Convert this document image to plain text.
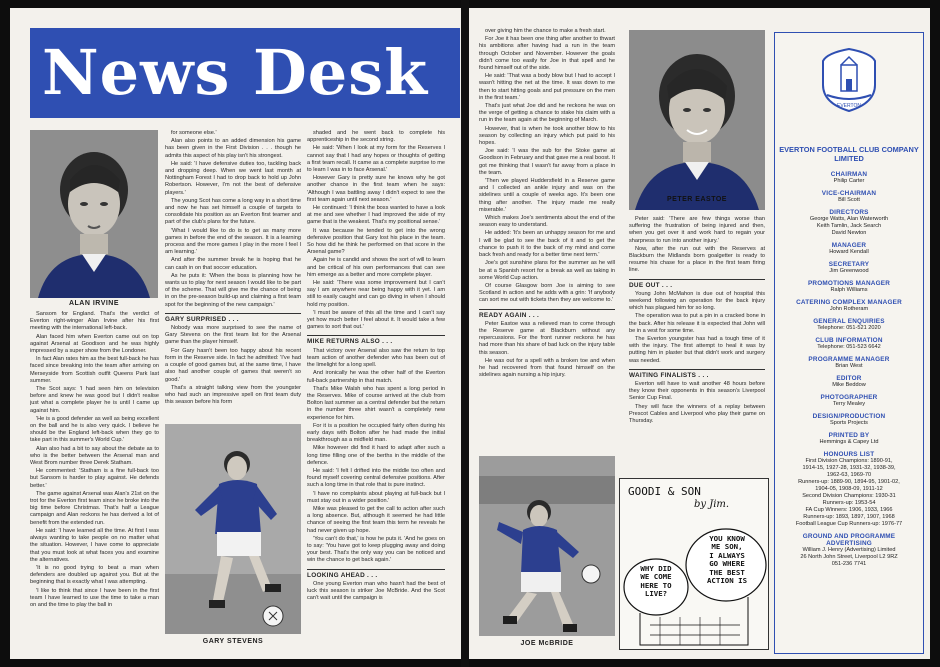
News Desk
ALAN IRVINE

Sansom for England. That's the verdict of Everton right-winger Alan Irvine after his first meeting with the international left-back.

Alan faced him when Everton came out on top against Arsenal at Goodison and he was highly impressed by a super show from the Londoner.

In fact Alan rates him as the best full-back he has faced since breaking into the team after arriving on Merseyside from Scottish outfit Queens Park last summer.

The Scot says: 'I had seen him on television before and knew he was good but I didn't realise just what a complete player he is until I came up against him.

'He is a good defender as well as being excellent on the ball and he is also very quick. I believe he should be the England left-back when they go to take part in this summer's World Cup.'

Alan also had a bit to say about the debate as to who is the better between the Arsenal man and West Brom number three Derek Statham.

He commented: 'Statham is a fine full-back too but Sansom is harder to play against. He defends better.'

The game against Arsenal was Alan's 21st on the trot for the Everton first team since he broke into the big time before Christmas. That's half a League campaign and Alan reckons he has derived a lot of benefit from the extended run.

He said: 'I have learned all the time. At first I was always wanting to take people on no matter what the situation. However, I have come to appreciate that you must look at what faces you and examine the alternatives.

'It is no good trying to beat a man when defenders are doubled up against you. But at the beginning that is exactly what I was attempting.

'I like to think that since I have been in the first team I have learned to use the time to take a man on and the time to play the ball in

for someone else.'

Alan also points to an added dimension his game has been given in the First Division . . . though he admits this aspect of his play isn't his strongest.

He said: 'I have defensive duties too, tackling back and dropping deep. When we went last month at Nottingham Forest I had to drop back to hold up John Robertson. However, I'm not the best of defensive players.'

The young Scot has come a long way in a short time and now he has set himself a couple of targets to consolidate his position as an Everton first teamer and part of the club's plans for the future.

'What I would like to do is to get as many more games in before the end of the season. It is a learning process and the more games I play in the more I feel I am learning.'

And after the summer break he is hoping that he can cash in on that soccer education.

As he puts it: 'When the boss is planning how he wants us to play for next season I would like to be part of the scheme. That will give me the chance of being in on the pre-season build-up and claiming a first team spot for the beginning of the new campaign.'

GARY SURPRISED . . .

Nobody was more surprised to see the name of Gary Stevens on the first team list for the Arsenal game than the player himself.

For Gary hasn't been too happy about his recent form in the Reserve side. In fact he admitted: 'I've had a couple of good games but, at the same time, I have also had another couple of games that weren't so good.'

That's a straight talking view from the youngster who had such an impressive spell on first team duty this season before his form

GARY STEVENS

shaded and he went back to complete his apprenticeship in the second string.

He said: 'When I look at my form for the Reserves I cannot say that I had any hopes or thoughts of getting a first team recall. It came as a complete surprise to me to learn I was in to face Arsenal.'

However Gary is pretty sure he knows why he got another chance in the first team when he says: 'Although I was battling away I didn't expect to see the first team again until next season.'

He continued: 'I think the boss wanted to have a look at me and see whether I had improved the side of my game that is the weakest. That's my positional sense.'

It was because he tended to get into the wrong defensive position that Gary lost his place in the team. So how did he think he performed on that score in the Arsenal game?

Again he is candid and shows the sort of will to learn and be critical of his own performances that can see him emerge as a better and more complete player.

He said: 'There was some improvement but I can't say I am anywhere near being happy with it yet. I am still to easily caught and can go diving in when I should hold my position.

'I must be aware of this all the time and I can't say yet how much better I feel about it. It would take a few games to sort that out.'

MIKE RETURNS ALSO . . .

That victory over Arsenal also saw the return to top team action of another defender who has been out of the limelight for a long spell.

And ironically he was the other half of the Everton full-back partnership in that match.

That's Mike Walsh who has spent a long period in the Reserves. Mike of course arrived at the club from Bolton last summer as a central defender but the return in the number three shirt wasn't a completely new experience for him.

For it is a position he occupied fairly often during his early days with Bolton after he had made the initial breakthrough as a midfield man.

Mike however did find it hard to adapt after such a long time filling one of the berths in the middle of the defence.

He said: 'I felt I drifted into the middle too often and found myself covering central defensive positions. After such a long time in that role that is pure instinct.

'I have no complaints about playing at full-back but I must stay out in a wider position.'

Mike was pleased to get the call to action after such a long absence. But, although it seemed he had little chance of seeing the first team this term he reveals he had never given up hope.

'You can't do that,' is how he puts it. 'And he goes on to say: 'You have got to keep plugging away and doing your best. That's the only way you can be noticed and win the chance to get back again.'

LOOKING AHEAD . . .

One young Everton man who hasn't had the best of luck this season is striker Joe McBride. And the Scot can't wait until the campaign is

over giving him the chance to make a fresh start.

For Joe it has been one thing after another to thwart his ambitions after having had a run in the team through October and November. However the goals didn't come too easily for Joe in that spell and he found himself out of the side.

He said: 'That was a body blow but I had to accept I wasn't hitting the net at the time. It was down to me then to start hitting goals and put pressure on the men in the first team.'

That's just what Joe did and he reckons he was on the verge of getting a chance to stake his claim with a run in the team again at the beginning of March.

However, that is when he took another blow to his season by collecting an injury which put paid to his hopes.

Joe said: 'I was the sub for the Stoke game at Goodison in February and that gave me a real boost. It got me thinking that I wasn't far away from a place in the team.

'Then we played Huddersfield in a Reserve game and I collected an ankle injury and was on the sidelines until a couple of weeks ago. It's been one thing after another. The injury made me really miserable.'

Which makes Joe's sentiments about the end of the season easy to understand.

He added: 'It's been an unhappy season for me and I will be glad to see the back of it and to get the chance to push it to the back of my mind and come back fresh and ready for a better time next term.'

Joe's got sunshine plans for the summer as he will be at a Spanish resort for a break as well as taking in some World Cup action.

Of course Glasgow born Joe is aiming to see Scotland in action and he adds with a grin: 'If anybody can sort me out with tickets then they are welcome to.'

READY AGAIN . . .

Peter Eastoe was a relieved man to come through the Reserve game at Blackburn without any repercussions. For the front runner reckons he has had more than his share of bad luck on the injury table this season.

He was out for a spell with a broken toe and when he had recovered from that found himself on the sidelines again nursing a hip injury.

JOE McBRIDE
PETER EASTOE

Peter said: 'There are few things worse than suffering the frustration of being injured and then, when you get over it and work hard to regain your sharpness to run into another injury.'

Now, after the run out with the Reserves at Blackburn the Midlands born goalgetter is ready to resume his chase for a place in the first team firing line.

DUE OUT . . .

Young John McMahon is due out of hospital this weekend following an operation for the back injury which has plagued him for so long.

The operation was to put a pin in a cracked bone in the back. After his release it is expected that John will be in a vest for some time.

The Everton youngster has had a tough time of it with the injury. The first attempt to heal it was by putting him in plaster but that didn't work and surgery was needed.

WAITING FINALISTS . . .

Everton will have to wait another 48 hours before they know their opponents in this season's Liverpool Senior Cup Final.

They will face the winners of a replay between Prescot Cables and Liverpool who play their game on Thursday.

GOODI & SON
by Jim.
WHY DID
WE COME
HERE TO
LIVE?
YOU KNOW
ME SON,
I ALWAYS
GO WHERE
THE BEST
ACTION IS
EVERTON
EVERTON FOOTBALL CLUB COMPANY LIMITED
CHAIRMAN
Philip Carter
VICE-CHAIRMAN
Bill Scott
DIRECTORS
George Watts, Alan Waterworth
Keith Tamlin, Jack Search
David Newton
MANAGER
Howard Kendall
SECRETARY
Jim Greenwood
PROMOTIONS MANAGER
Ralph Williams
CATERING COMPLEX MANAGER
John Rotheram
GENERAL ENQUIRIES
Telephone: 051-521 2020
CLUB INFORMATION
Telephone: 051-523 6642
PROGRAMME MANAGER
Brian West
EDITOR
Mike Beddow
PHOTOGRAPHER
Terry Mealey
DESIGN/PRODUCTION
Sports Projects
PRINTED BY
Hemmings & Capey Ltd
HONOURS LIST
First Division Champions: 1890-91,
1914-15, 1927-28, 1931-32, 1938-39,
1962-63, 1969-70
Runners-up: 1889-90, 1894-95, 1901-02,
1904-05, 1908-09, 1911-12
Second Division Champions: 1930-31
Runners-up: 1953-54
FA Cup Winners: 1906, 1933, 1966
Runners-up: 1893, 1897, 1907, 1968
Football League Cup Runners-up: 1976-77
GROUND AND PROGRAMME ADVERTISING
William J. Henry (Advertising) Limited
26 North John Street, Liverpool L2 9RZ
051-236 7741
